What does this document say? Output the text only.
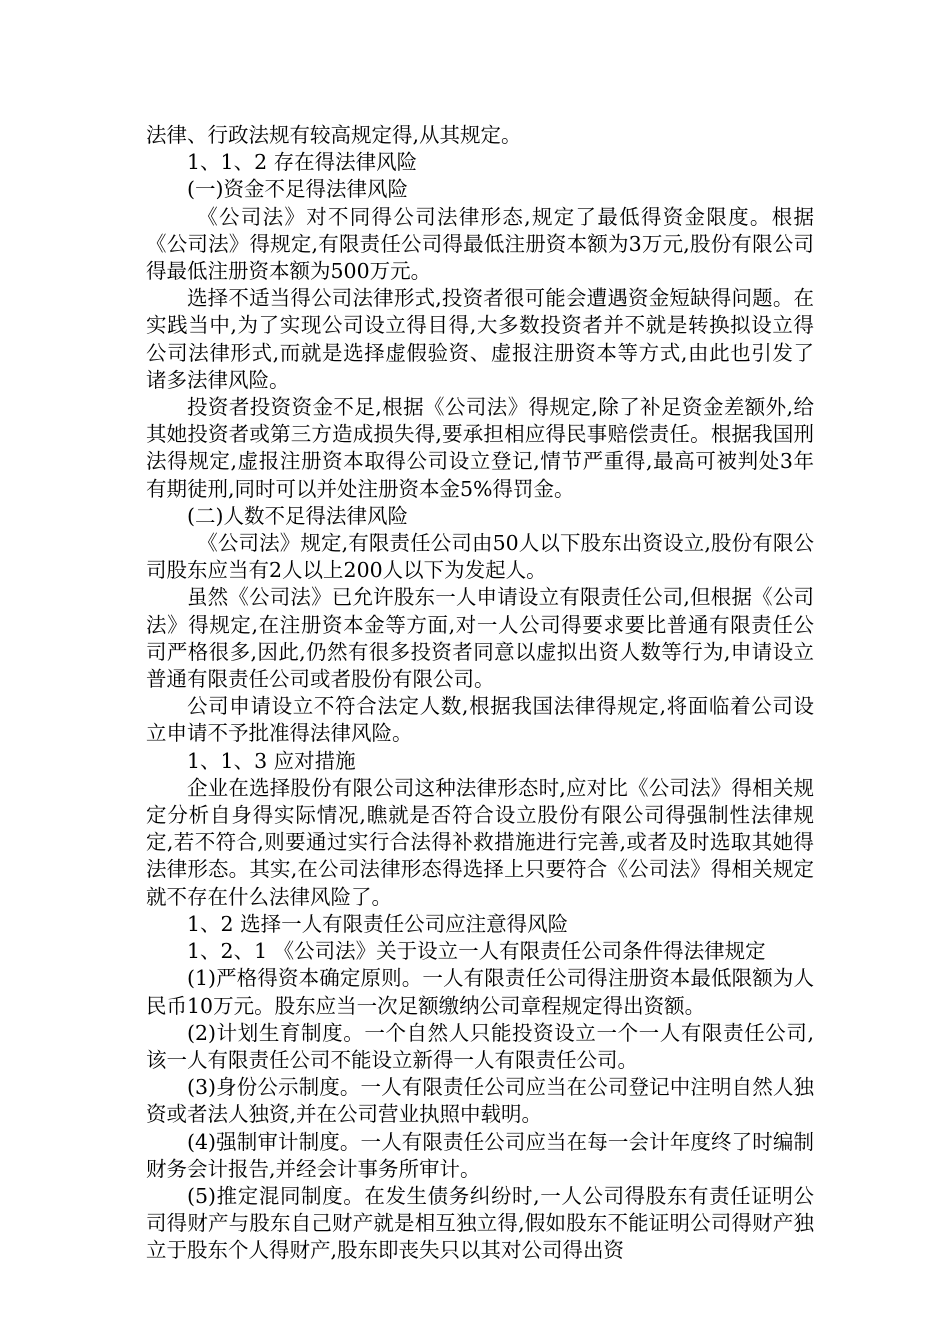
法律、行政法规有较高规定得,从其规定。

1、1、2 存在得法律风险

(一)资金不足得法律风险

《公司法》对不同得公司法律形态,规定了最低得资金限度。根据《公司法》得规定,有限责任公司得最低注册资本额为3万元,股份有限公司得最低注册资本额为500万元。

选择不适当得公司法律形式,投资者很可能会遭遇资金短缺得问题。在实践当中,为了实现公司设立得目得,大多数投资者并不就是转换拟设立得公司法律形式,而就是选择虚假验资、虚报注册资本等方式,由此也引发了诸多法律风险。

投资者投资资金不足,根据《公司法》得规定,除了补足资金差额外,给其她投资者或第三方造成损失得,要承担相应得民事赔偿责任。根据我国刑法得规定,虚报注册资本取得公司设立登记,情节严重得,最高可被判处3年有期徒刑,同时可以并处注册资本金5%得罚金。

(二)人数不足得法律风险

《公司法》规定,有限责任公司由50人以下股东出资设立,股份有限公司股东应当有2人以上200人以下为发起人。

虽然《公司法》已允许股东一人申请设立有限责任公司,但根据《公司法》得规定,在注册资本金等方面,对一人公司得要求要比普通有限责任公司严格很多,因此,仍然有很多投资者同意以虚拟出资人数等行为,申请设立普通有限责任公司或者股份有限公司。

公司申请设立不符合法定人数,根据我国法律得规定,将面临着公司设立申请不予批准得法律风险。

1、1、3 应对措施

企业在选择股份有限公司这种法律形态时,应对比《公司法》得相关规定分析自身得实际情况,瞧就是否符合设立股份有限公司得强制性法律规定,若不符合,则要通过实行合法得补救措施进行完善,或者及时选取其她得法律形态。其实,在公司法律形态得选择上只要符合《公司法》得相关规定就不存在什么法律风险了。

1、2 选择一人有限责任公司应注意得风险

1、2、1 《公司法》关于设立一人有限责任公司条件得法律规定

(1)严格得资本确定原则。一人有限责任公司得注册资本最低限额为人民币10万元。股东应当一次足额缴纳公司章程规定得出资额。

(2)计划生育制度。一个自然人只能投资设立一个一人有限责任公司,该一人有限责任公司不能设立新得一人有限责任公司。

(3)身份公示制度。一人有限责任公司应当在公司登记中注明自然人独资或者法人独资,并在公司营业执照中载明。

(4)强制审计制度。一人有限责任公司应当在每一会计年度终了时编制财务会计报告,并经会计事务所审计。

(5)推定混同制度。在发生债务纠纷时,一人公司得股东有责任证明公司得财产与股东自己财产就是相互独立得,假如股东不能证明公司得财产独立于股东个人得财产,股东即丧失只以其对公司得出资
